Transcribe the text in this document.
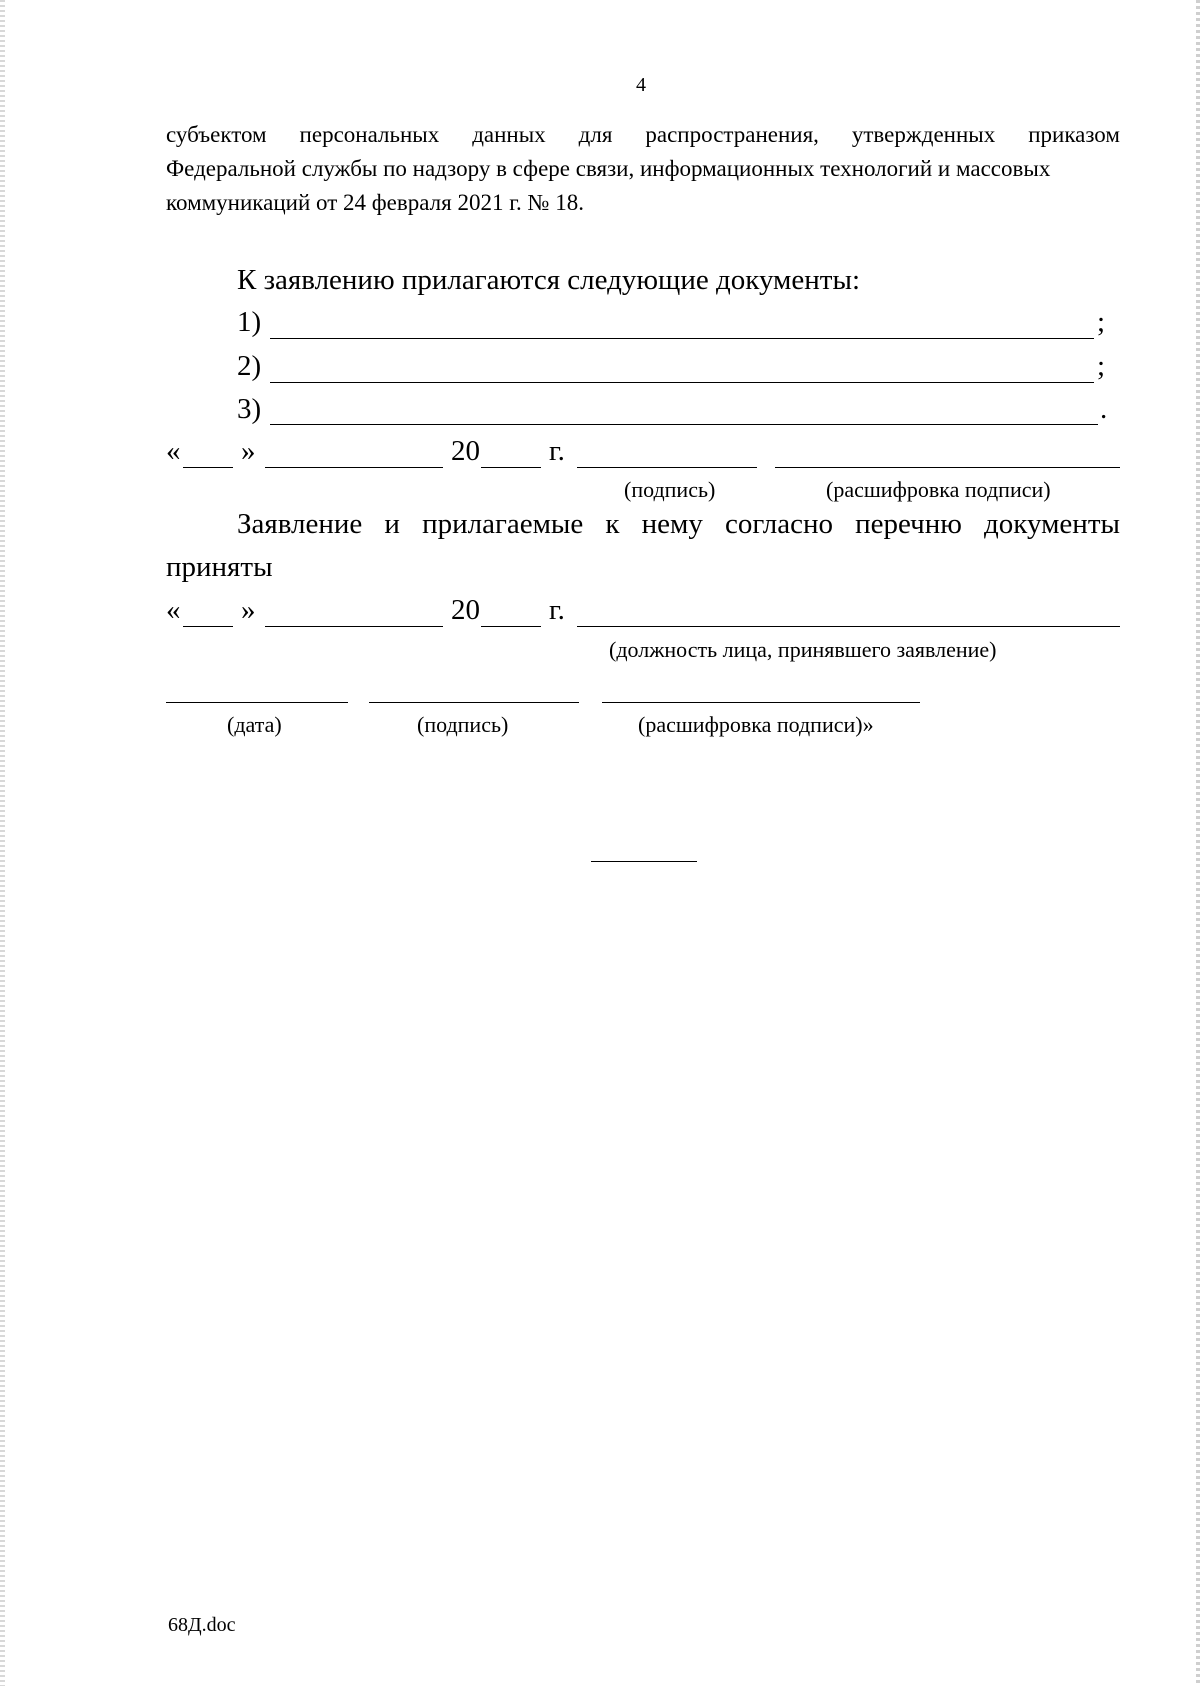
4
субъектом персональных данных для распространения, утвержденных приказом
Федеральной службы по надзору в сфере связи, информационных технологий и массовых
коммуникаций от 24 февраля 2021 г. № 18.
К заявлению прилагаются следующие документы:
1)	;
2)	;
3)	.
« »	20 г.
(подпись)	(расшифровка подписи)
Заявление и прилагаемые к нему согласно перечню документы
приняты
« »	20 г.
(должность лица, принявшего заявление)
(дата)	(подпись)	(расшифровка подписи)»
68Д.doc
